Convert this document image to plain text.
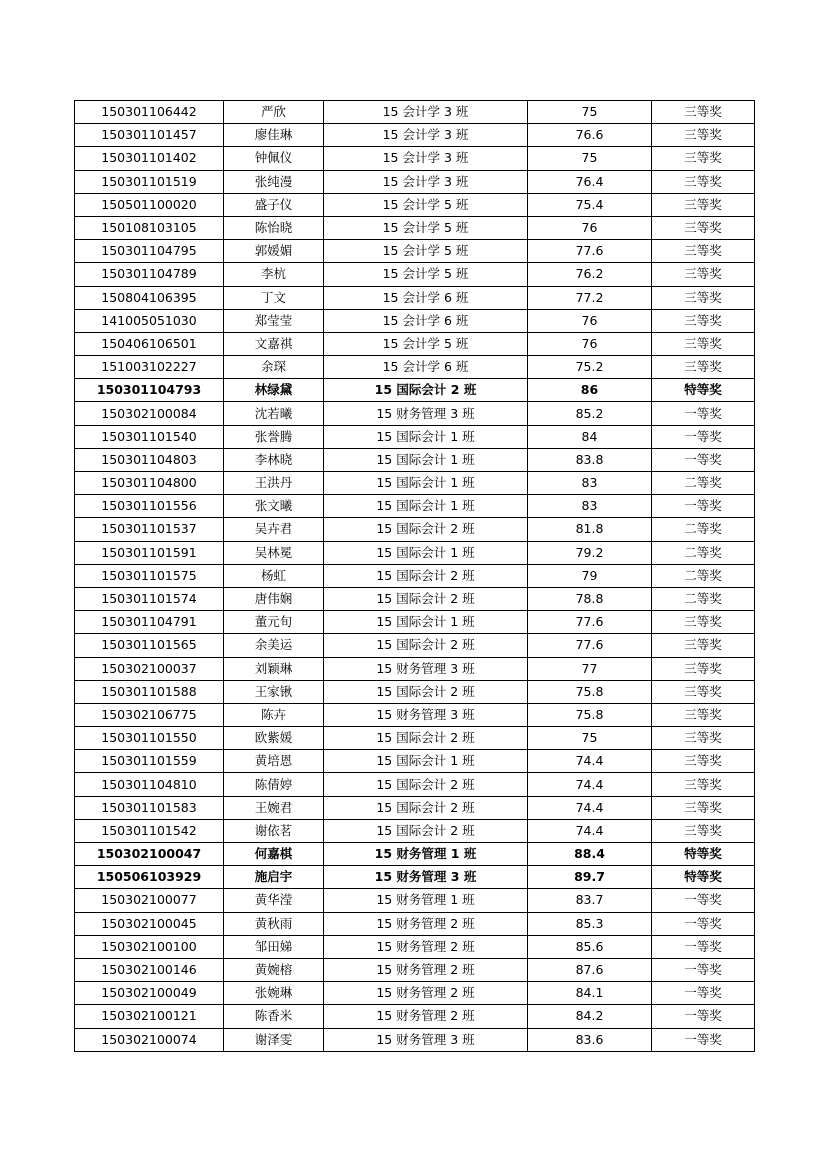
150301106442	严欣	15 会计学 3 班	75	三等奖
150301101457	廖佳琳	15 会计学 3 班	76.6	三等奖
150301101402	钟佩仪	15 会计学 3 班	75	三等奖
150301101519	张纯漫	15 会计学 3 班	76.4	三等奖
150501100020	盛子仪	15 会计学 5 班	75.4	三等奖
150108103105	陈怡晓	15 会计学 5 班	76	三等奖
150301104795	郭媛媚	15 会计学 5 班	77.6	三等奖
150301104789	李杭	15 会计学 5 班	76.2	三等奖
150804106395	丁文	15 会计学 6 班	77.2	三等奖
141005051030	郑莹莹	15 会计学 6 班	76	三等奖
150406106501	文嘉祺	15 会计学 5 班	76	三等奖
151003102227	余琛	15 会计学 6 班	75.2	三等奖
150301104793	林绿黛	15 国际会计 2 班	86	特等奖
150302100084	沈若曦	15 财务管理 3 班	85.2	一等奖
150301101540	张誉腾	15 国际会计 1 班	84	一等奖
150301104803	李林晓	15 国际会计 1 班	83.8	一等奖
150301104800	王洪丹	15 国际会计 1 班	83	二等奖
150301101556	张文曦	15 国际会计 1 班	83	一等奖
150301101537	吴卉君	15 国际会计 2 班	81.8	二等奖
150301101591	吴林冕	15 国际会计 1 班	79.2	二等奖
150301101575	杨虹	15 国际会计 2 班	79	二等奖
150301101574	唐伟娴	15 国际会计 2 班	78.8	二等奖
150301104791	董元旬	15 国际会计 1 班	77.6	三等奖
150301101565	余美运	15 国际会计 2 班	77.6	三等奖
150302100037	刘颖琳	15 财务管理 3 班	77	三等奖
150301101588	王家锹	15 国际会计 2 班	75.8	三等奖
150302106775	陈卉	15 财务管理 3 班	75.8	三等奖
150301101550	欧紫媛	15 国际会计 2 班	75	三等奖
150301101559	黄培恩	15 国际会计 1 班	74.4	三等奖
150301104810	陈倩婷	15 国际会计 2 班	74.4	三等奖
150301101583	王婉君	15 国际会计 2 班	74.4	三等奖
150301101542	谢依茗	15 国际会计 2 班	74.4	三等奖
150302100047	何嘉棋	15 财务管理 1 班	88.4	特等奖
150506103929	施启宇	15 财务管理 3 班	89.7	特等奖
150302100077	黄华滢	15 财务管理 1 班	83.7	一等奖
150302100045	黄秋雨	15 财务管理 2 班	85.3	一等奖
150302100100	邹田娣	15 财务管理 2 班	85.6	一等奖
150302100146	黄婉榕	15 财务管理 2 班	87.6	一等奖
150302100049	张婉琳	15 财务管理 2 班	84.1	一等奖
150302100121	陈香米	15 财务管理 2 班	84.2	一等奖
150302100074	谢泽雯	15 财务管理 3 班	83.6	一等奖
